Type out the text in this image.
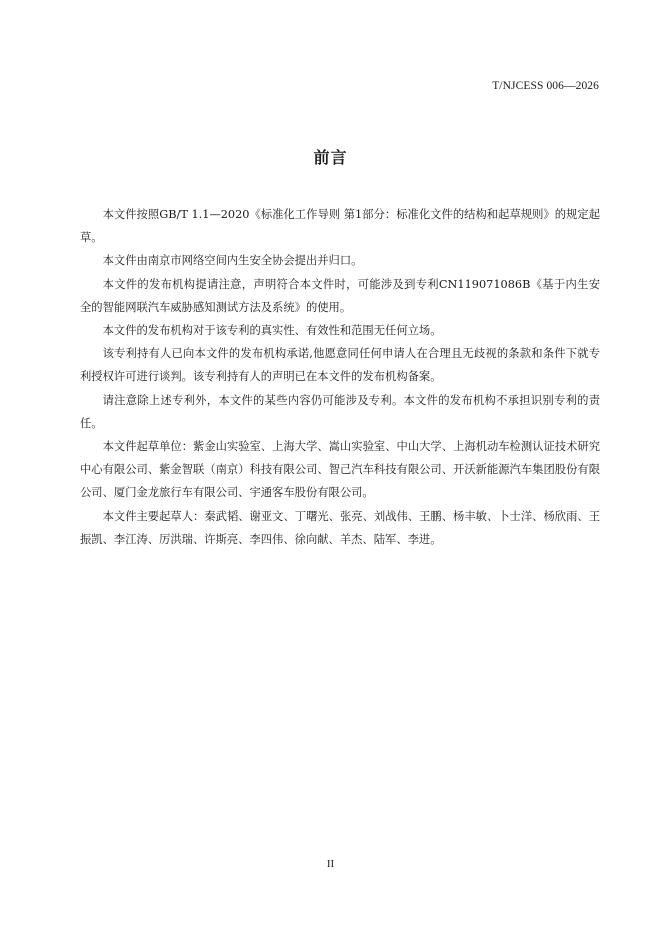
T/NJCESS 006—2026
前言

本文件按照GB/T 1.1—2020《标准化工作导则 第1部分：标准化文件的结构和起草规则》的规定起草。

本文件由南京市网络空间内生安全协会提出并归口。

本文件的发布机构提请注意，声明符合本文件时，可能涉及到专利CN119071086B《基于内生安全的智能网联汽车威胁感知测试方法及系统》的使用。

本文件的发布机构对于该专利的真实性、有效性和范围无任何立场。

该专利持有人已向本文件的发布机构承诺,他愿意同任何申请人在合理且无歧视的条款和条件下就专利授权许可进行谈判。该专利持有人的声明已在本文件的发布机构备案。

请注意除上述专利外，本文件的某些内容仍可能涉及专利。本文件的发布机构不承担识别专利的责任。

本文件起草单位：紫金山实验室、上海大学、嵩山实验室、中山大学、上海机动车检测认证技术研究中心有限公司、紫金智联（南京）科技有限公司、智己汽车科技有限公司、开沃新能源汽车集团股份有限公司、厦门金龙旅行车有限公司、宇通客车股份有限公司。

本文件主要起草人：秦武韬、谢亚文、丁曙光、张亮、刘战伟、王鹏、杨丰敏、卜士洋、杨欣雨、王振凯、李江涛、厉洪瑞、许斯亮、李四伟、徐向献、羊杰、陆军、李进。

II
